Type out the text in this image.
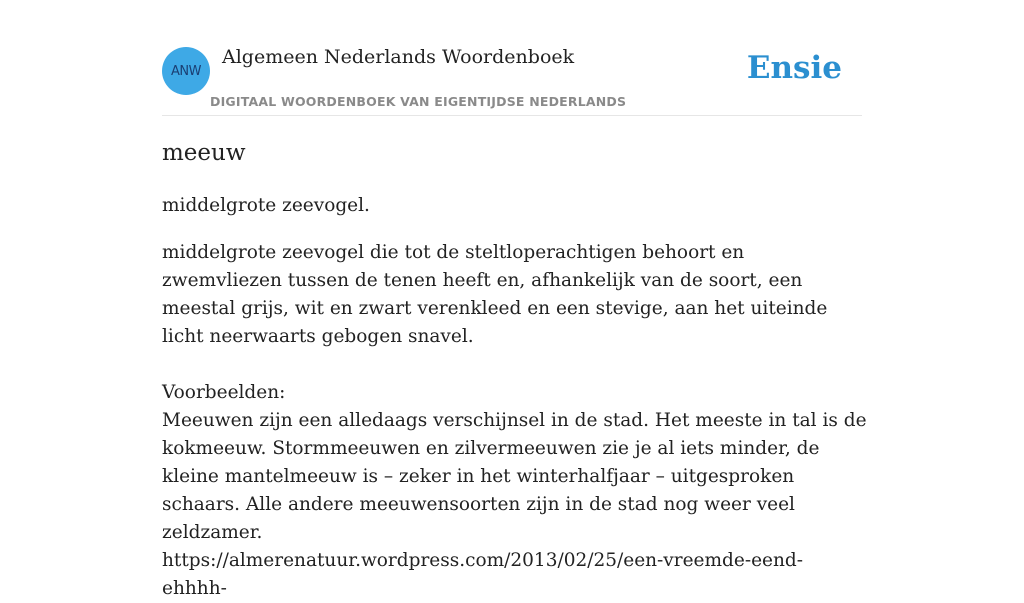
ANW
Algemeen Nederlands Woordenboek
DIGITAAL WOORDENBOEK VAN EIGENTIJDSE NEDERLANDS
Ensie
meeuw
middelgrote zeevogel.

middelgrote zeevogel die tot de steltloperachtigen behoort en zwemvliezen tussen de tenen heeft en, afhankelijk van de soort, een meestal grijs, wit en zwart verenkleed en een stevige, aan het uiteinde licht neerwaarts gebogen snavel.

Voorbeelden:

Meeuwen zijn een alledaags verschijnsel in de stad. Het meeste in tal is de kokmeeuw. Stormmeeuwen en zilvermeeuwen zie je al iets minder, de kleine mantelmeeuw is – zeker in het winterhalfjaar – uitgesproken schaars. Alle andere meeuwensoorten zijn in de stad nog weer veel zeldzamer.

https://almerenatuur.wordpress.com/2013/02/25/een-vreemde-eend-ehhhh-
